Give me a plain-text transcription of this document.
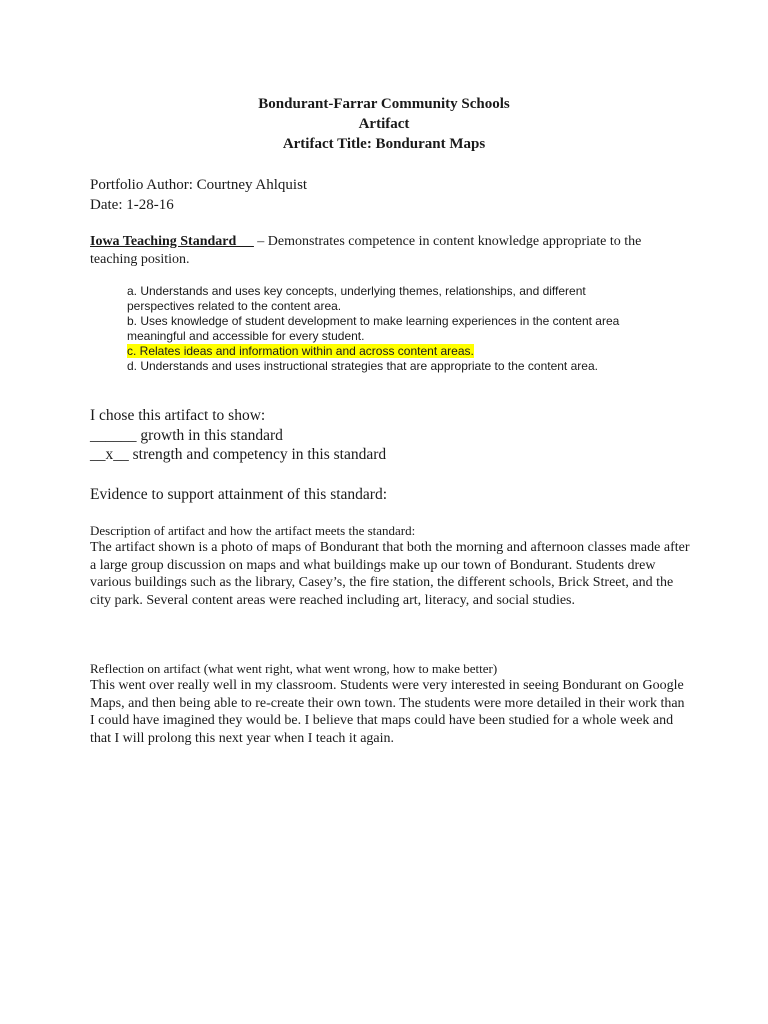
Bondurant-Farrar Community Schools
Artifact
Artifact Title: Bondurant Maps
Portfolio Author: Courtney Ahlquist
Date: 1-28-16
Iowa Teaching Standard __ – Demonstrates competence in content knowledge appropriate to the teaching position.
a. Understands and uses key concepts, underlying themes, relationships, and different perspectives related to the content area.
b. Uses knowledge of student development to make learning experiences in the content area meaningful and accessible for every student.
c. Relates ideas and information within and across content areas.
d. Understands and uses instructional strategies that are appropriate to the content area.
I chose this artifact to show:
______ growth in this standard
__x__ strength and competency in this standard
Evidence to support attainment of this standard:
Description of artifact and how the artifact meets the standard:
The artifact shown is a photo of maps of Bondurant that both the morning and afternoon classes made after a large group discussion on maps and what buildings make up our town of Bondurant. Students drew various buildings such as the library, Casey’s, the fire station, the different schools, Brick Street, and the city park. Several content areas were reached including art, literacy, and social studies.
Reflection on artifact (what went right, what went wrong, how to make better)
This went over really well in my classroom. Students were very interested in seeing Bondurant on Google Maps, and then being able to re-create their own town. The students were more detailed in their work than I could have imagined they would be. I believe that maps could have been studied for a whole week and that I will prolong this next year when I teach it again.
